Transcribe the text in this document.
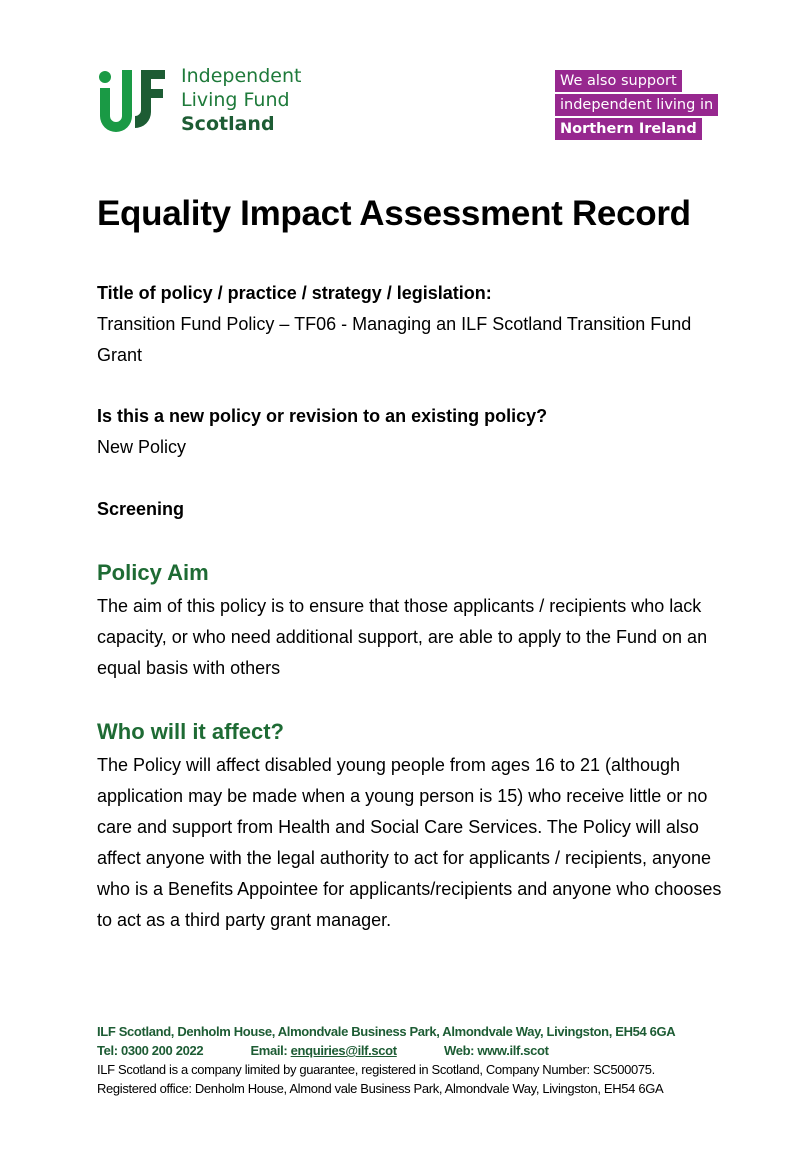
Independent
Living Fund
Scotland
We also support
independent living in
Northern Ireland
Equality Impact Assessment Record
Title of policy / practice / strategy / legislation:
Transition Fund Policy – TF06 - Managing an ILF Scotland Transition Fund Grant
Is this a new policy or revision to an existing policy?
New Policy
Screening
Policy Aim
The aim of this policy is to ensure that those applicants / recipients who lack capacity, or who need additional support, are able to apply to the Fund on an equal basis with others
Who will it affect?
The Policy will affect disabled young people from ages 16 to 21 (although application may be made when a young person is 15) who receive little or no care and support from Health and Social Care Services. The Policy will also affect anyone with the legal authority to act for applicants / recipients, anyone who is a Benefits Appointee for applicants/recipients and anyone who chooses to act as a third party grant manager.
ILF Scotland, Denholm House, Almondvale Business Park, Almondvale Way, Livingston, EH54 6GA
Tel: 0300 200 2022	Email: enquiries@ilf.scot	Web: www.ilf.scot
ILF Scotland is a company limited by guarantee, registered in Scotland, Company Number: SC500075.
Registered office: Denholm House, Almond vale Business Park, Almondvale Way, Livingston, EH54 6GA
